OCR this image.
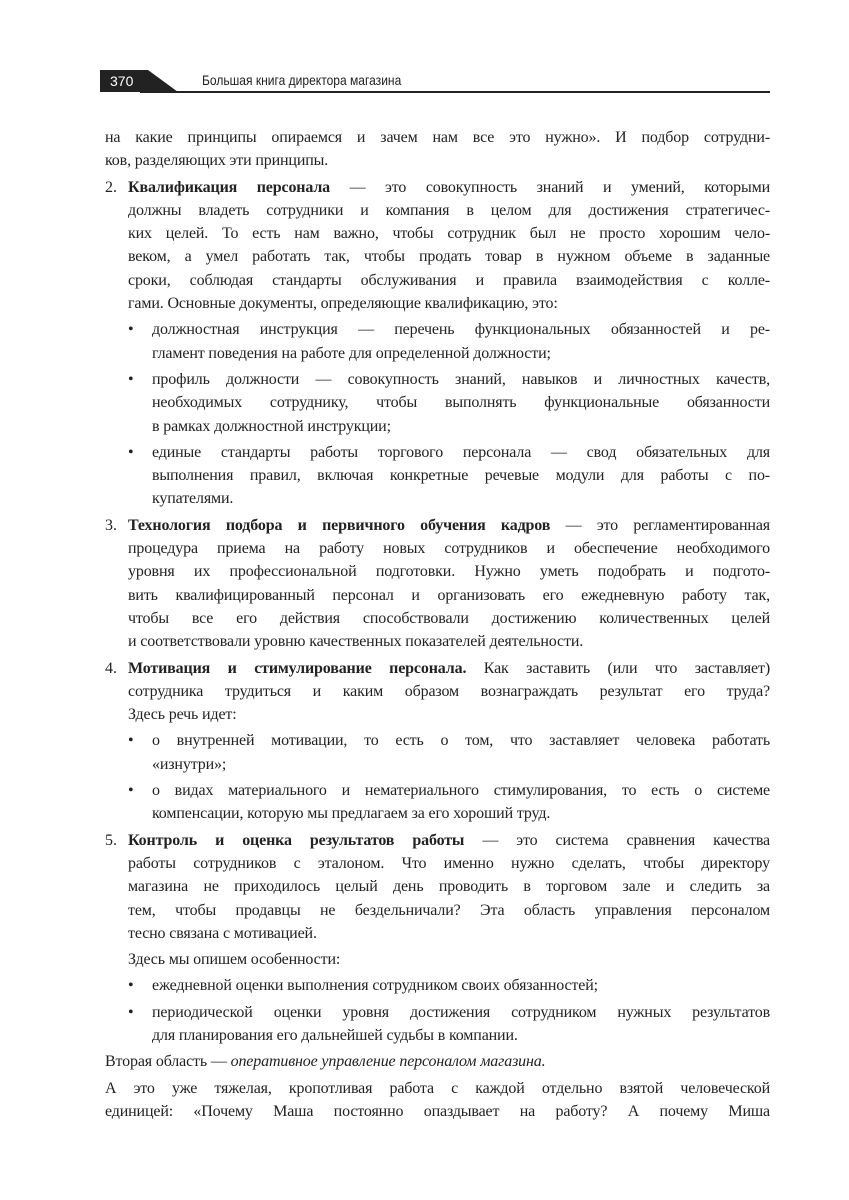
370	Большая книга директора магазина
на какие принципы опираемся и зачем нам все это нужно». И подбор сотрудни-
ков, разделяющих эти принципы.
2. Квалификация персонала — это совокупность знаний и умений, которыми
должны владеть сотрудники и компания в целом для достижения стратегичес-
ких целей. То есть нам важно, чтобы сотрудник был не просто хорошим чело-
веком, а умел работать так, чтобы продать товар в нужном объеме в заданные
сроки, соблюдая стандарты обслуживания и правила взаимодействия с колле-
гами. Основные документы, определяющие квалификацию, это:
• должностная инструкция — перечень функциональных обязанностей и ре-
гламент поведения на работе для определенной должности;
• профиль должности — совокупность знаний, навыков и личностных качеств,
необходимых сотруднику, чтобы выполнять функциональные обязанности
в рамках должностной инструкции;
• единые стандарты работы торгового персонала — свод обязательных для
выполнения правил, включая конкретные речевые модули для работы с по-
купателями.
3. Технология подбора и первичного обучения кадров — это регламентированная
процедура приема на работу новых сотрудников и обеспечение необходимого
уровня их профессиональной подготовки. Нужно уметь подобрать и подгото-
вить квалифицированный персонал и организовать его ежедневную работу так,
чтобы все его действия способствовали достижению количественных целей
и соответствовали уровню качественных показателей деятельности.
4. Мотивация и стимулирование персонала. Как заставить (или что заставляет)
сотрудника трудиться и каким образом вознаграждать результат его труда?
Здесь речь идет:
• о внутренней мотивации, то есть о том, что заставляет человека работать
«изнутри»;
• о видах материального и нематериального стимулирования, то есть о системе
компенсации, которую мы предлагаем за его хороший труд.
5. Контроль и оценка результатов работы — это система сравнения качества
работы сотрудников с эталоном. Что именно нужно сделать, чтобы директору
магазина не приходилось целый день проводить в торговом зале и следить за
тем, чтобы продавцы не бездельничали? Эта область управления персоналом
тесно связана с мотивацией.
Здесь мы опишем особенности:
• ежедневной оценки выполнения сотрудником своих обязанностей;
• периодической оценки уровня достижения сотрудником нужных результатов
для планирования его дальнейшей судьбы в компании.
Вторая область — оперативное управление персоналом магазина.
А это уже тяжелая, кропотливая работа с каждой отдельно взятой человеческой
единицей: «Почему Маша постоянно опаздывает на работу? А почему Миша
